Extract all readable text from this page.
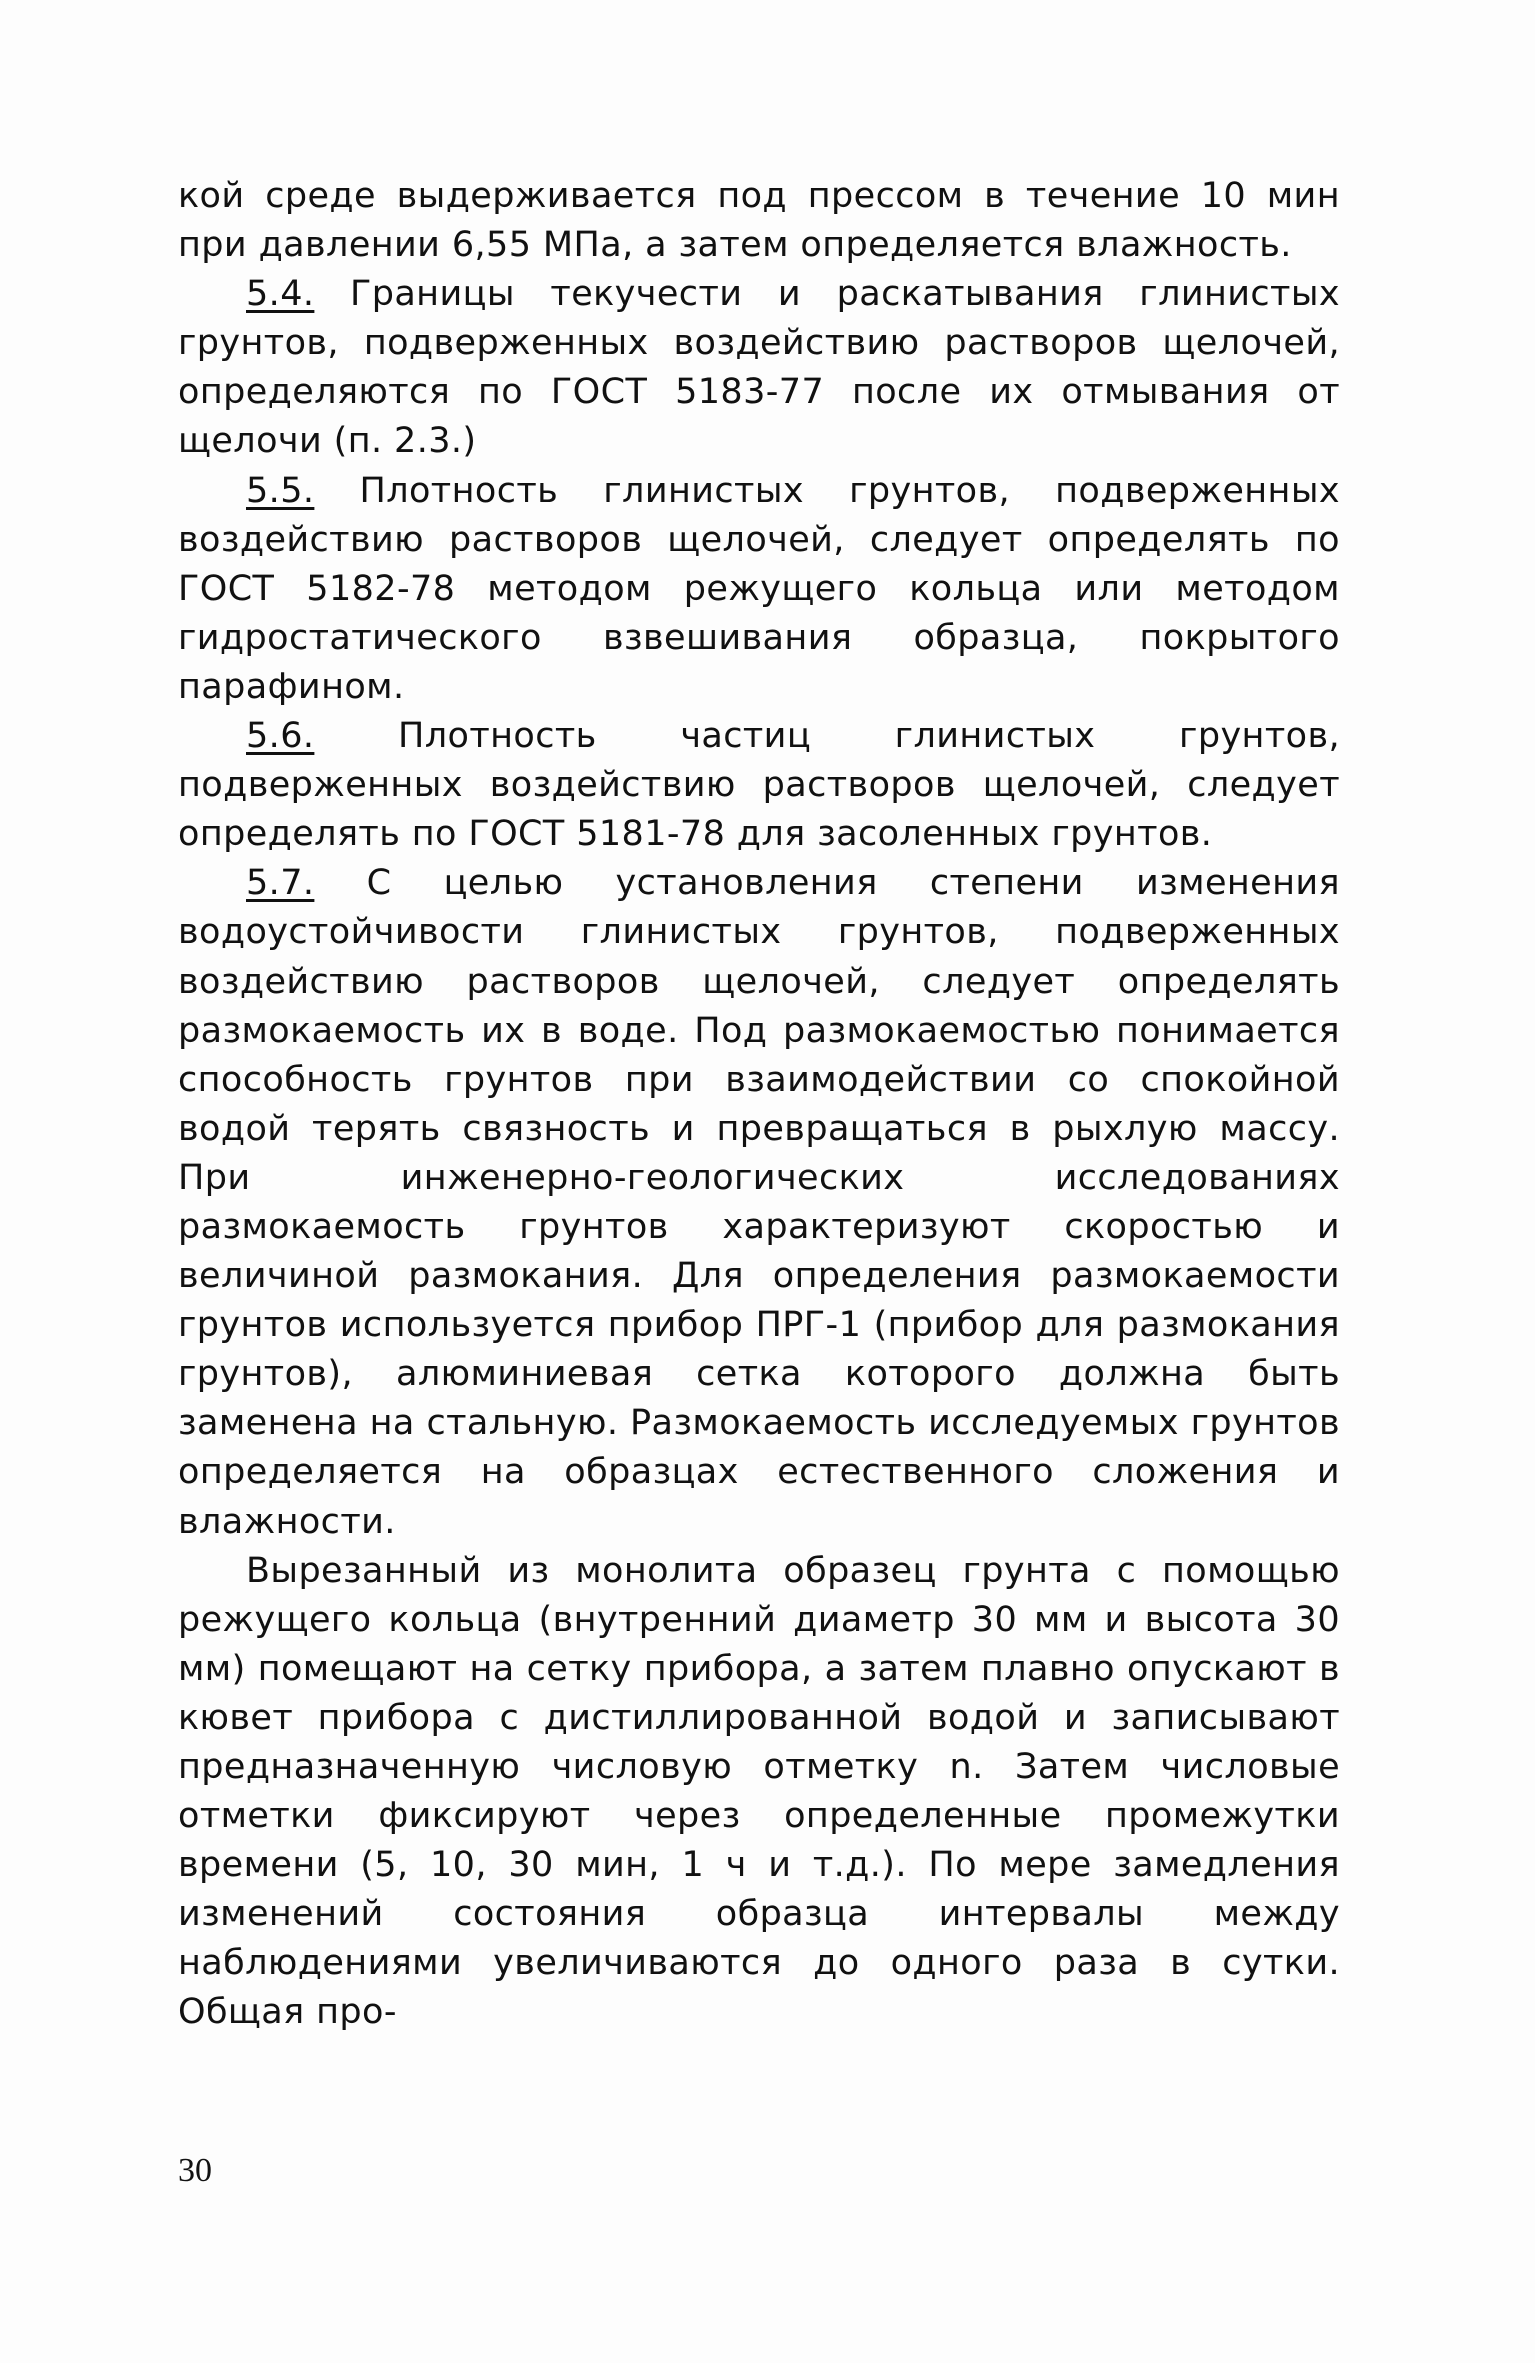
кой среде выдерживается под прессом в течение 10 мин при давлении 6,55 МПа, а затем определяется влажность.

5.4. Границы текучести и раскатывания глинистых грунтов, подверженных воздействию растворов щелочей, определяются по ГОСТ 5183-77 после их отмывания от щелочи (п. 2.3.)

5.5. Плотность глинистых грунтов, подверженных воздействию растворов щелочей, следует определять по ГОСТ 5182-78 методом режущего кольца или методом гидростатического взвешивания образца, покрытого парафином.

5.6. Плотность частиц глинистых грунтов, подверженных воздействию растворов щелочей, следует определять по ГОСТ 5181-78 для засоленных грунтов.

5.7. С целью установления степени изменения водоустойчивости глинистых грунтов, подверженных воздействию растворов щелочей, следует определять размокаемость их в воде. Под размокаемостью понимается способность грунтов при взаимодействии со спокойной водой терять связность и превращаться в рыхлую массу. При инженерно-геологических исследованиях размокаемость грунтов характеризуют скоростью и величиной размокания. Для определения размокаемости грунтов используется прибор ПРГ-1 (прибор для размокания грунтов), алюминиевая сетка которого должна быть заменена на стальную. Размокаемость исследуемых грунтов определяется на образцах естественного сложения и влажности.

Вырезанный из монолита образец грунта с помощью режущего кольца (внутренний диаметр 30 мм и высота 30 мм) помещают на сетку прибора, а затем плавно опускают в кювет прибора с дистиллированной водой и записывают предназначенную числовую отметку n. Затем числовые отметки фиксируют через определенные промежутки времени (5, 10, 30 мин, 1 ч и т.д.). По мере замедления изменений состояния образца интервалы между наблюдениями увеличиваются до одного раза в сутки. Общая про-

30
